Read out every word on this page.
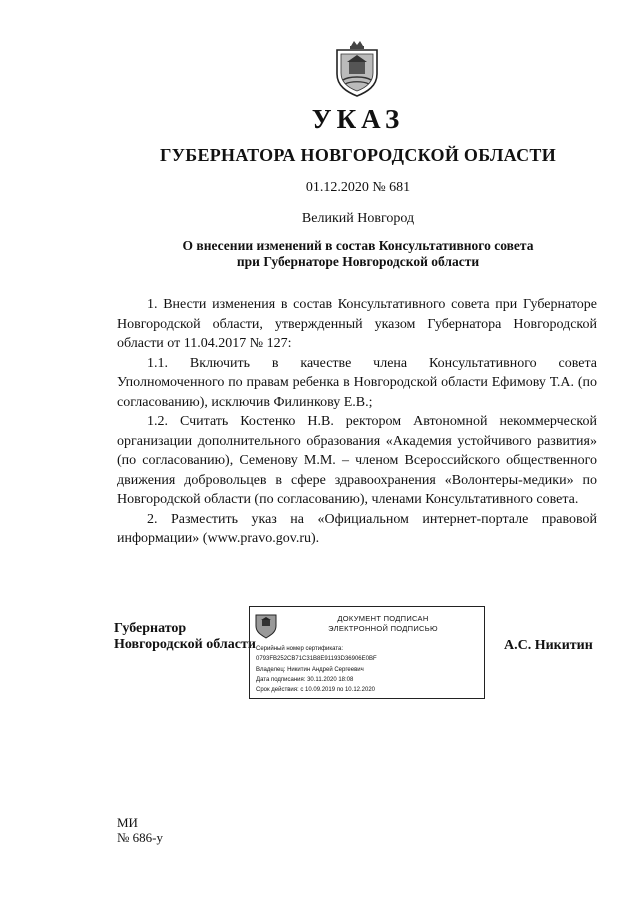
УКАЗ
ГУБЕРНАТОРА НОВГОРОДСКОЙ ОБЛАСТИ
01.12.2020 № 681
Великий Новгород
О внесении изменений в состав Консультативного совета
при Губернаторе Новгородской области

1. Внести изменения в состав Консультативного совета при Губернаторе Новгородской области, утвержденный указом Губернатора Новгородской области от 11.04.2017 № 127:

1.1. Включить в качестве члена Консультативного совета Уполномоченного по правам ребенка в Новгородской области Ефимову Т.А. (по согласованию), исключив Филинкову Е.В.;

1.2. Считать Костенко Н.В. ректором Автономной некоммерческой организации дополнительного образования «Академия устойчивого развития» (по согласованию), Семенову М.М. – членом Всероссийского общественного движения добровольцев в сфере здравоохранения «Волонтеры-медики» по Новгородской области (по согласованию), членами Консультативного совета.

2. Разместить указ на «Официальном интернет-портале правовой информации» (www.pravo.gov.ru).

Губернатор
Новгородской области
ДОКУМЕНТ ПОДПИСАН
ЭЛЕКТРОННОЙ ПОДПИСЬЮ
Серийный номер сертификата:
0793FB252CB71C31B8E91193D36906E0BF
Владелец: Никитин Андрей Сергеевич
Дата подписания: 30.11.2020 18:08
Срок действия: с 10.09.2019 по 10.12.2020
А.С. Никитин
МИ
№ 686-у
